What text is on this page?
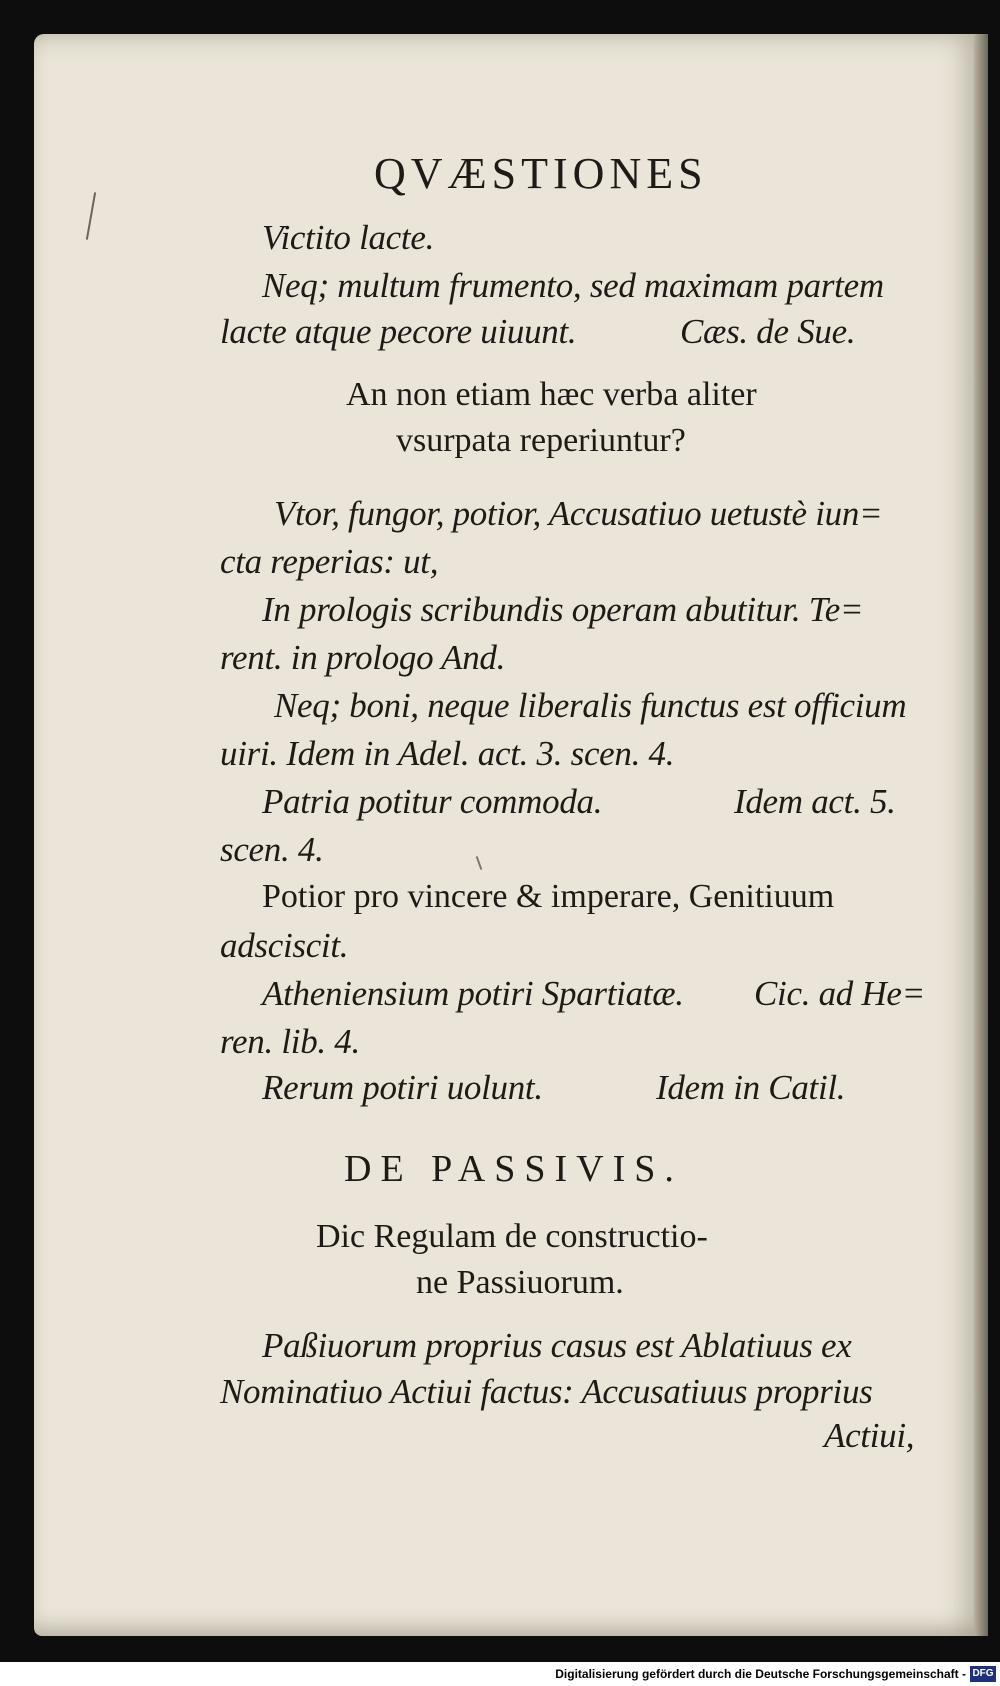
QVÆSTIONES
Victito lacte.
Neq; multum frumento, sed maximam partem
lacte atque pecore uiuunt.	Cæs. de Sue.
An non etiam hæc verba aliter
vsurpata reperiuntur?
Vtor, fungor, potior, Accusatiuo uetustè iun=
cta reperias: ut,
In prologis scribundis operam abutitur. Te=
rent. in prologo And.
Neq; boni, neque liberalis functus est officium
uiri. Idem in Adel. act. 3. scen. 4.
Patria potitur commoda.	Idem act. 5.
scen. 4.
Potior pro vincere & imperare, Genitiuum
adsciscit.
Atheniensium potiri Spartiatæ. Cic. ad He=
ren. lib. 4.
Rerum potiri uolunt.	Idem in Catil.
DE PASSIVIS.
Dic Regulam de constructio-
ne Passiuorum.
Paßiuorum proprius casus est Ablatiuus ex
Nominatiuo Actiui factus: Accusatiuus proprius
Actiui,
Digitalisierung gefördert durch die Deutsche Forschungsgemeinschaft - DFG
